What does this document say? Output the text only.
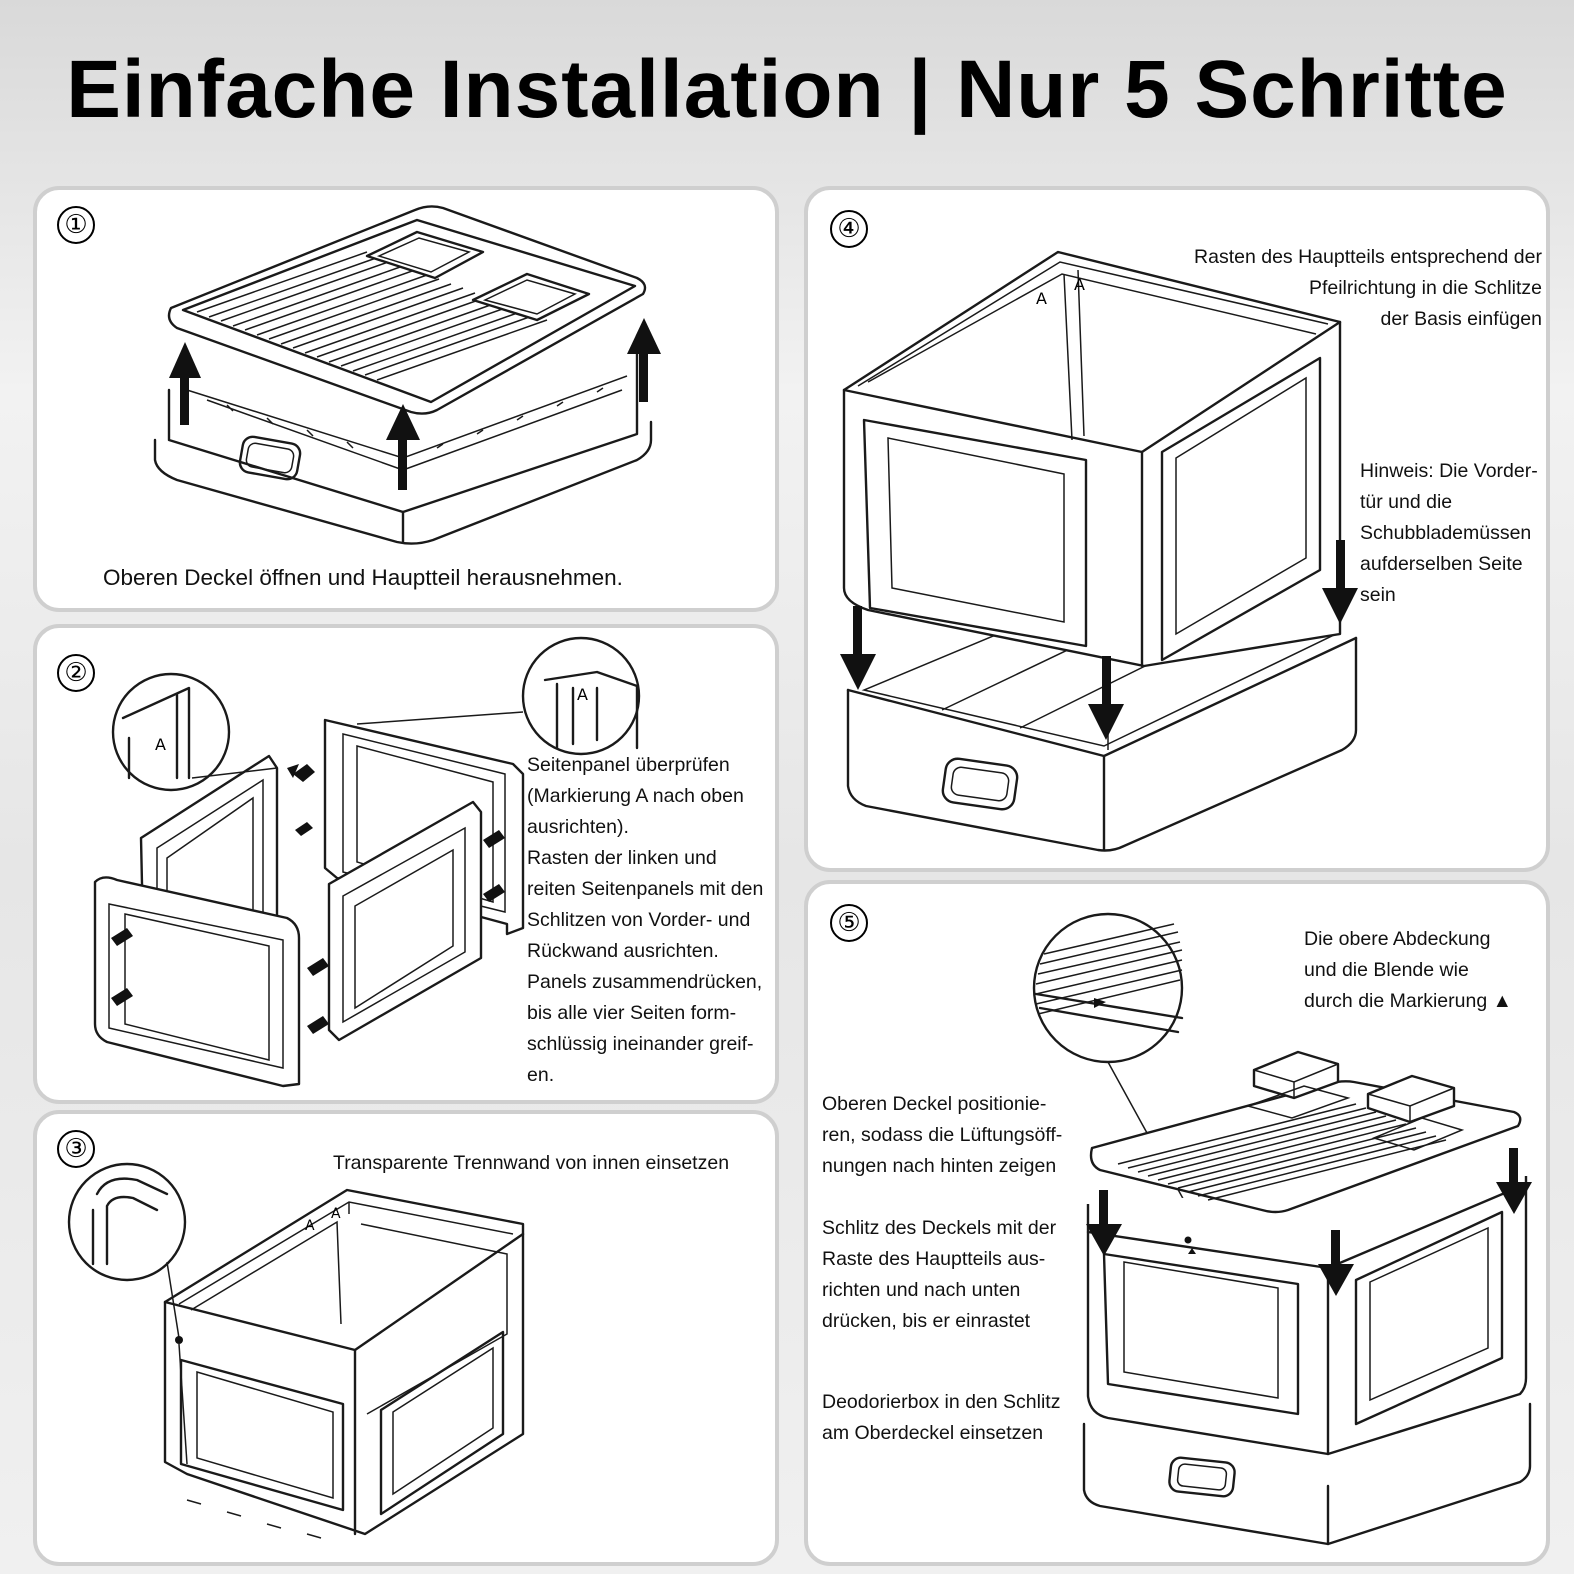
Einfache Installation | Nur 5 Schritte
①
Oberen Deckel öffnen und Hauptteil herausnehmen.
②
A
A
Seitenpanel überprüfen
(Markierung A nach oben
ausrichten).
Rasten der linken und
reiten Seitenpanels mit den
Schlitzen von Vorder- und
Rückwand ausrichten.
Panels zusammendrücken,
bis alle vier Seiten form-
schlüssig ineinander greif-
en.
③
A
A
Transparente Trennwand von innen einsetzen
④
A
A
Rasten des Hauptteils entsprechend der
Pfeilrichtung in die Schlitze
der Basis einfügen
Hinweis: Die Vorder-
tür und die
Schubblademüssen
aufderselben Seite
sein
⑤
Die obere Abdeckung
und die Blende wie
durch die Markierung ▲
Oberen Deckel positionie-
ren, sodass die Lüftungsöff-
nungen nach hinten zeigen
Schlitz des Deckels mit der
Raste des Hauptteils aus-
richten und nach unten
drücken, bis er einrastet
Deodorierbox in den Schlitz
am Oberdeckel einsetzen
